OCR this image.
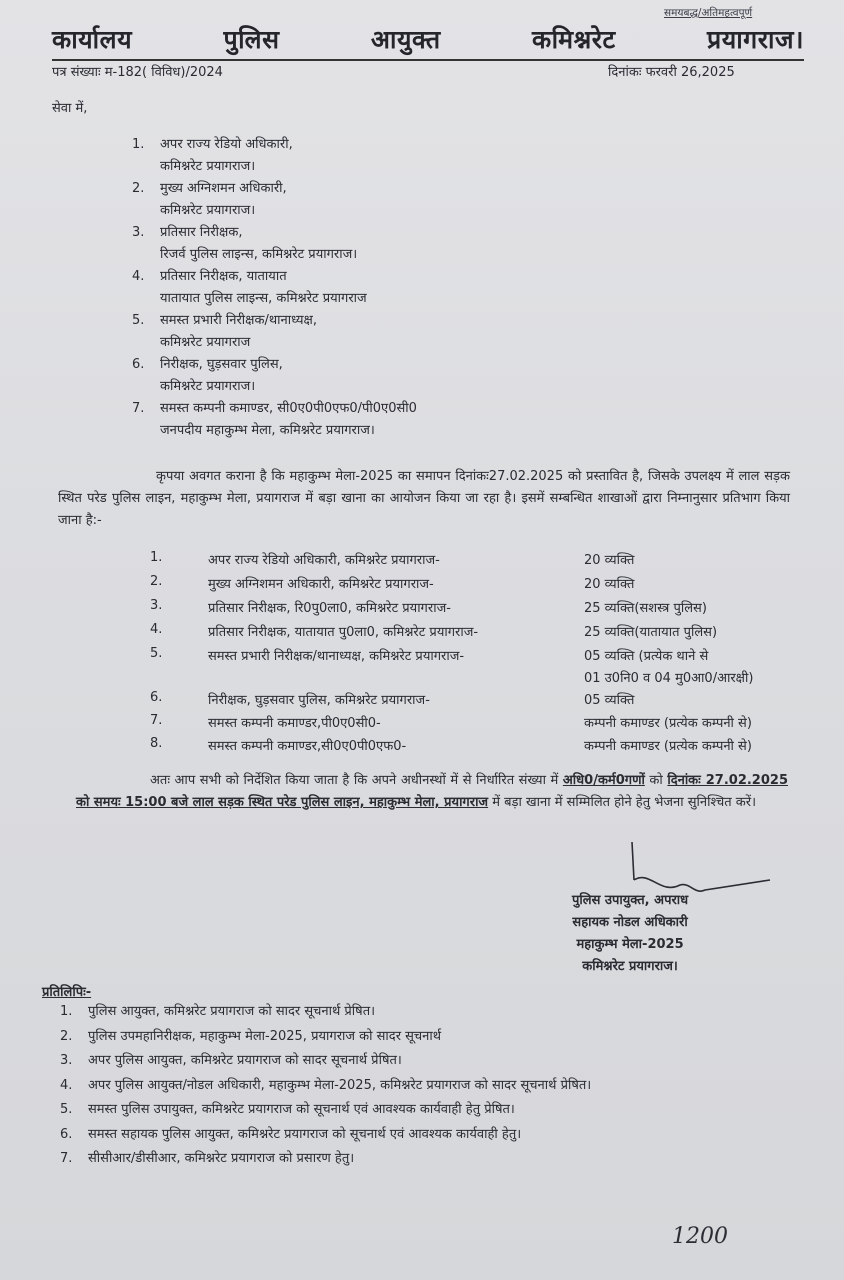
समयबद्ध/अतिमहत्वपूर्ण
कार्यालय	पुलिस	आयुक्त	कमिश्नरेट	प्रयागराज।
पत्र संख्याः म-182( विविध)/2024	दिनांकः फरवरी 26,2025
सेवा में,
1. अपर राज्य रेडियो अधिकारी,
कमिश्नरेट प्रयागराज।
2. मुख्य अग्निशमन अधिकारी,
कमिश्नरेट प्रयागराज।
3. प्रतिसार निरीक्षक,
रिजर्व पुलिस लाइन्स, कमिश्नरेट प्रयागराज।
4. प्रतिसार निरीक्षक, यातायात
यातायात पुलिस लाइन्स, कमिश्नरेट प्रयागराज
5. समस्त प्रभारी निरीक्षक/थानाध्यक्ष,
कमिश्नरेट प्रयागराज
6. निरीक्षक, घुड़सवार पुलिस,
कमिश्नरेट प्रयागराज।
7. समस्त कम्पनी कमाण्डर, सी0ए0पी0एफ0/पी0ए0सी0
जनपदीय महाकुम्भ मेला, कमिश्नरेट प्रयागराज।

कृपया अवगत कराना है कि महाकुम्भ मेला-2025 का समापन दिनांकः27.02.2025 को प्रस्तावित है, जिसके उपलक्ष्य में लाल सड़क स्थित परेड पुलिस लाइन, महाकुम्भ मेला, प्रयागराज में बड़ा खाना का आयोजन किया जा रहा है। इसमें सम्बन्धित शाखाओं द्वारा निम्नानुसार प्रतिभाग किया जाना है:-

1.	अपर राज्य रेडियो अधिकारी, कमिश्नरेट प्रयागराज-	20 व्यक्ति
2.	मुख्य अग्निशमन अधिकारी, कमिश्नरेट प्रयागराज-	20 व्यक्ति
3.	प्रतिसार निरीक्षक, रि0पु0ला0, कमिश्नरेट प्रयागराज-	25 व्यक्ति(सशस्त्र पुलिस)
4.	प्रतिसार निरीक्षक, यातायात पु0ला0, कमिश्नरेट प्रयागराज-	25 व्यक्ति(यातायात पुलिस)
5.	समस्त प्रभारी निरीक्षक/थानाध्यक्ष, कमिश्नरेट प्रयागराज-	05 व्यक्ति (प्रत्येक थाने से
01 उ0नि0 व 04 मु0आ0/आरक्षी)
6.	निरीक्षक, घुड़सवार पुलिस, कमिश्नरेट प्रयागराज-	05 व्यक्ति
7.	समस्त कम्पनी कमाण्डर,पी0ए0सी0-	कम्पनी कमाण्डर (प्रत्येक कम्पनी से)
8.	समस्त कम्पनी कमाण्डर,सी0ए0पी0एफ0-	कम्पनी कमाण्डर (प्रत्येक कम्पनी से)

अतः आप सभी को निर्देशित किया जाता है कि अपने अधीनस्थों में से निर्धारित संख्या में अधि0/कर्म0गणों को दिनांकः 27.02.2025 को समयः 15:00 बजे लाल सड़क स्थित परेड पुलिस लाइन, महाकुम्भ मेला, प्रयागराज में बड़ा खाना में सम्मिलित होने हेतु भेजना सुनिश्चित करें।

पुलिस उपायुक्त, अपराध
सहायक नोडल अधिकारी
महाकुम्भ मेला-2025
कमिश्नरेट प्रयागराज।
प्रतिलिपिः-
1. पुलिस आयुक्त, कमिश्नरेट प्रयागराज को सादर सूचनार्थ प्रेषित।
2. पुलिस उपमहानिरीक्षक, महाकुम्भ मेला-2025, प्रयागराज को सादर सूचनार्थ
3. अपर पुलिस आयुक्त, कमिश्नरेट प्रयागराज को सादर सूचनार्थ प्रेषित।
4. अपर पुलिस आयुक्त/नोडल अधिकारी, महाकुम्भ मेला-2025, कमिश्नरेट प्रयागराज को सादर सूचनार्थ प्रेषित।
5. समस्त पुलिस उपायुक्त, कमिश्नरेट प्रयागराज को सूचनार्थ एवं आवश्यक कार्यवाही हेतु प्रेषित।
6. समस्त सहायक पुलिस आयुक्त, कमिश्नरेट प्रयागराज को सूचनार्थ एवं आवश्यक कार्यवाही हेतु।
7. सीसीआर/डीसीआर, कमिश्नरेट प्रयागराज को प्रसारण हेतु।
1200
